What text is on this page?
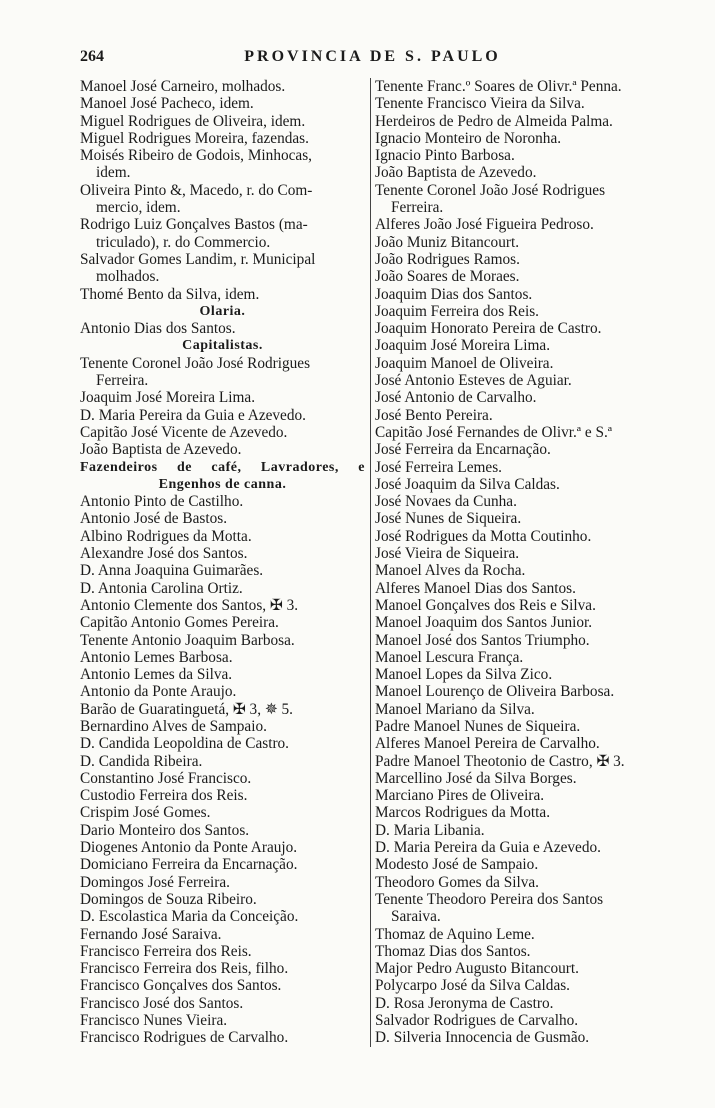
264	PROVINCIA DE S. PAULO
Manoel José Carneiro, molhados.
Manoel José Pacheco, idem.
Miguel Rodrigues de Oliveira, idem.
Miguel Rodrigues Moreira, fazendas.
Moisés Ribeiro de Godois, Minhocas,
idem.
Oliveira Pinto &, Macedo, r. do Com-
mercio, idem.
Rodrigo Luiz Gonçalves Bastos (ma-
triculado), r. do Commercio.
Salvador Gomes Landim, r. Municipal
molhados.
Thomé Bento da Silva, idem.
Olaria.
Antonio Dias dos Santos.
Capitalistas.
Tenente Coronel João José Rodrigues
Ferreira.
Joaquim José Moreira Lima.
D. Maria Pereira da Guia e Azevedo.
Capitão José Vicente de Azevedo.
João Baptista de Azevedo.
Fazendeiros de café, Lavradores, e
Engenhos de canna.
Antonio Pinto de Castilho.
Antonio José de Bastos.
Albino Rodrigues da Motta.
Alexandre José dos Santos.
D. Anna Joaquina Guimarães.
D. Antonia Carolina Ortiz.
Antonio Clemente dos Santos, ✠ 3.
Capitão Antonio Gomes Pereira.
Tenente Antonio Joaquim Barbosa.
Antonio Lemes Barbosa.
Antonio Lemes da Silva.
Antonio da Ponte Araujo.
Barão de Guaratinguetá, ✠ 3, ✵ 5.
Bernardino Alves de Sampaio.
D. Candida Leopoldina de Castro.
D. Candida Ribeira.
Constantino José Francisco.
Custodio Ferreira dos Reis.
Crispim José Gomes.
Dario Monteiro dos Santos.
Diogenes Antonio da Ponte Araujo.
Domiciano Ferreira da Encarnação.
Domingos José Ferreira.
Domingos de Souza Ribeiro.
D. Escolastica Maria da Conceição.
Fernando José Saraiva.
Francisco Ferreira dos Reis.
Francisco Ferreira dos Reis, filho.
Francisco Gonçalves dos Santos.
Francisco José dos Santos.
Francisco Nunes Vieira.
Francisco Rodrigues de Carvalho.
Tenente Franc.º Soares de Olivr.ª Penna.
Tenente Francisco Vieira da Silva.
Herdeiros de Pedro de Almeida Palma.
Ignacio Monteiro de Noronha.
Ignacio Pinto Barbosa.
João Baptista de Azevedo.
Tenente Coronel João José Rodrigues
Ferreira.
Alferes João José Figueira Pedroso.
João Muniz Bitancourt.
João Rodrigues Ramos.
João Soares de Moraes.
Joaquim Dias dos Santos.
Joaquim Ferreira dos Reis.
Joaquim Honorato Pereira de Castro.
Joaquim José Moreira Lima.
Joaquim Manoel de Oliveira.
José Antonio Esteves de Aguiar.
José Antonio de Carvalho.
José Bento Pereira.
Capitão José Fernandes de Olivr.ª e S.ª
José Ferreira da Encarnação.
José Ferreira Lemes.
José Joaquim da Silva Caldas.
José Novaes da Cunha.
José Nunes de Siqueira.
José Rodrigues da Motta Coutinho.
José Vieira de Siqueira.
Manoel Alves da Rocha.
Alferes Manoel Dias dos Santos.
Manoel Gonçalves dos Reis e Silva.
Manoel Joaquim dos Santos Junior.
Manoel José dos Santos Triumpho.
Manoel Lescura França.
Manoel Lopes da Silva Zico.
Manoel Lourenço de Oliveira Barbosa.
Manoel Mariano da Silva.
Padre Manoel Nunes de Siqueira.
Alferes Manoel Pereira de Carvalho.
Padre Manoel Theotonio de Castro, ✠ 3.
Marcellino José da Silva Borges.
Marciano Pires de Oliveira.
Marcos Rodrigues da Motta.
D. Maria Libania.
D. Maria Pereira da Guia e Azevedo.
Modesto José de Sampaio.
Theodoro Gomes da Silva.
Tenente Theodoro Pereira dos Santos
Saraiva.
Thomaz de Aquino Leme.
Thomaz Dias dos Santos.
Major Pedro Augusto Bitancourt.
Polycarpo José da Silva Caldas.
D. Rosa Jeronyma de Castro.
Salvador Rodrigues de Carvalho.
D. Silveria Innocencia de Gusmão.
